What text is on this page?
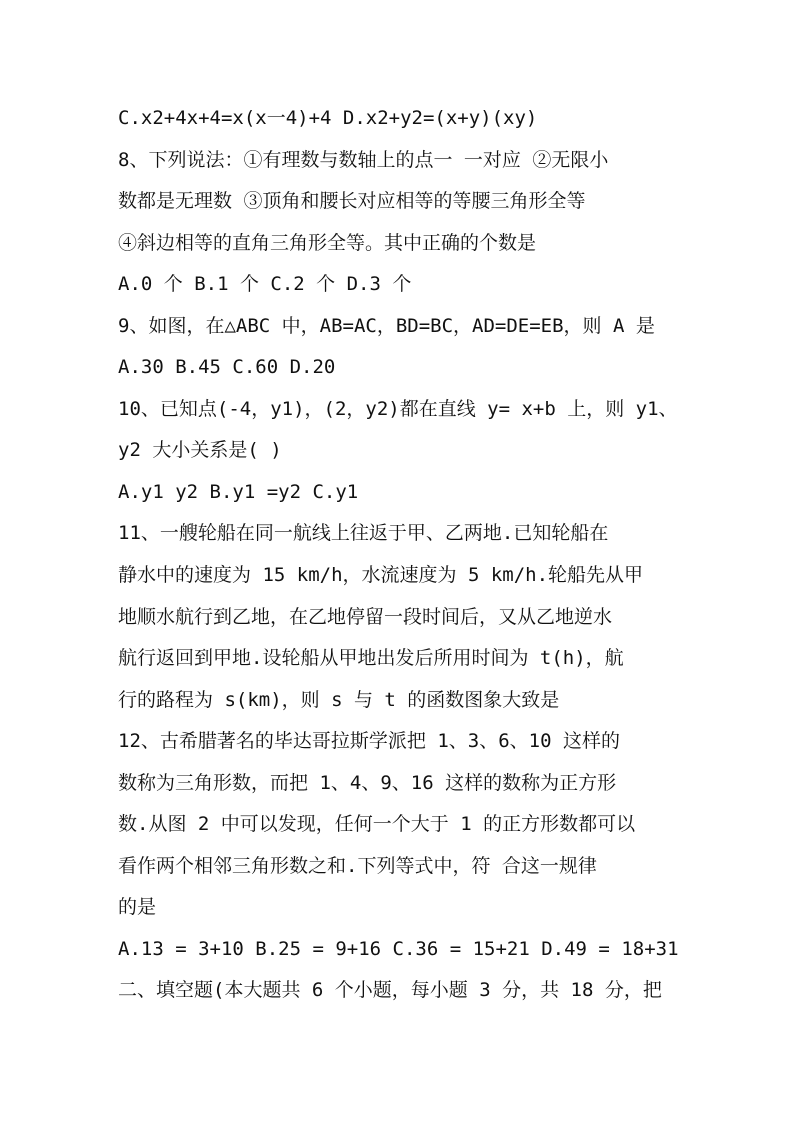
C.x2+4x+4=x(x一4)+4 D.x2+y2=(x+y)(xy)
8、下列说法：①有理数与数轴上的点一 一对应 ②无限小
数都是无理数 ③顶角和腰长对应相等的等腰三角形全等
④斜边相等的直角三角形全等。其中正确的个数是
A.0 个 B.1 个 C.2 个 D.3 个
9、如图，在△ABC 中，AB=AC，BD=BC，AD=DE=EB，则 A 是
A.30 B.45 C.60 D.20
10、已知点(-4，y1)，(2，y2)都在直线 y= x+b 上，则 y1、
y2 大小关系是( )
A.y1 y2 B.y1 =y2 C.y1
11、一艘轮船在同一航线上往返于甲、乙两地.已知轮船在
静水中的速度为 15 km/h，水流速度为 5 km/h.轮船先从甲
地顺水航行到乙地，在乙地停留一段时间后，又从乙地逆水
航行返回到甲地.设轮船从甲地出发后所用时间为 t(h)，航
行的路程为 s(km)，则 s 与 t 的函数图象大致是
12、古希腊著名的毕达哥拉斯学派把 1、3、6、10 这样的
数称为三角形数，而把 1、4、9、16 这样的数称为正方形
数.从图 2 中可以发现，任何一个大于 1 的正方形数都可以
看作两个相邻三角形数之和.下列等式中，符 合这一规律
的是
A.13 = 3+10 B.25 = 9+16 C.36 = 15+21 D.49 = 18+31
二、填空题(本大题共 6 个小题，每小题 3 分，共 18 分，把
